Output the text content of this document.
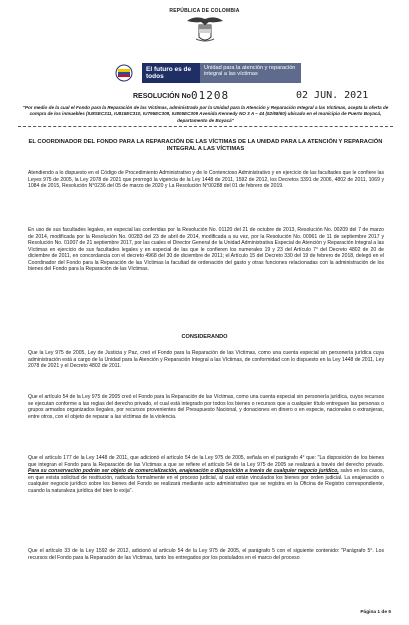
REPÚBLICA DE COLOMBIA
El futuro es de todos
Unidad para la atención y reparación integral a las víctimas
RESOLUCIÓN No 01208	02 JUN. 2021
"Por medio de la cual el Fondo para la Reparación de las Víctimas, administrado por la Unidad para la Atención y Reparación Integral a las Víctimas, acepta la oferta de compra de los inmuebles (IU8SEC311, IU815EC310, IU795EC308, IU805EC309 Avenida Kennedy NO 3 A – 44 (52/68/60) ubicado en el municipio de Puerto Boyacá, departamento de Boyacá"
EL COORDINADOR DEL FONDO PARA LA REPARACIÓN DE LAS VÍCTIMAS DE LA UNIDAD PARA LA ATENCIÓN Y REPARACIÓN INTEGRAL A LAS VÍCTIMAS
Atendiendo a lo dispuesto en el Código de Procedimiento Administrativo y de lo Contencioso Administrativo y en ejercicio de las facultades que le confiere las Leyes 975 de 2005, la Ley 2078 de 2021 que prorrogó la vigencia de la Ley 1448 de 2011, 1592 de 2012, los Decretos 3391 de 2006, 4802 de 2011, 1069 y 1084 de 2015, Resolución N°0236 del 05 de marzo de 2020 y La Resolución N°00288 del 01 de febrero de 2019.
En uso de sus facultades legales, en especial las conferidas por la Resolución No. 01120 del 21 de octubre de 2013, Resolución No. 00209 del 7 de marzo de 2014, modificada por la Resolución No. 00283 del 23 de abril de 2014, modificada a su vez, por la Resolución No. 00961 de 11 de septiembre 2017 y Resolución No. 01007 de 21 septiembre 2017, por las cuales el Director General de la Unidad Administrativa Especial de Atención y Reparación Integral a las Víctimas en ejercicio de sus facultades legales y en especial de las que le confieren los numerales 19 y 23 del Artículo 7° del Decreto 4802 de 20 de diciembre de 2011, en concordancia con el decreto 4968 del 30 de diciembre de 2011; el Artículo 15 del Decreto 330 del 19 de febrero de 2018, delegó en el Coordinador del Fondo para la Reparación de las Víctimas la facultad de ordenación del gasto y otras funciones relacionadas con la administración de los bienes del Fondo para la Reparación de las Víctimas.
CONSIDERANDO
Que la Ley 975 de 2005, Ley de Justicia y Paz, creó el Fondo para la Reparación de las Víctimas, como una cuenta especial sin personería jurídica cuya administración está a cargo de la Unidad para la Atención y Reparación Integral a las Víctimas, de conformidad con lo dispuesto en la Ley 1448 de 2011, Ley 2078 de 2021 y el Decreto 4802 de 2011.
Que el artículo 54 de la Ley 975 de 2005 creó el Fondo para la Reparación de las Víctimas, como una cuenta especial sin personería jurídica, cuyos recursos se ejecutan conforme a las reglas del derecho privado, el cual está integrado por todos los bienes o recursos que a cualquier título entreguen las personas o grupos armados organizados ilegales, por recursos provenientes del Presupuesto Nacional, y donaciones en dinero o en especie, nacionales o extranjeras, entre otros, con el objeto de reparar a las víctimas de la violencia.
Que el artículo 177 de la Ley 1448 de 2011, que adicionó el artículo 54 de la Ley 975 de 2005, señala en el parágrafo 4° que: "La disposición de los bienes que integran el Fondo para la Reparación de las Víctimas a que se refiere el artículo 54 de la Ley 975 de 2005 se realizará a través del derecho privado. Para su conservación podrán ser objeto de comercialización, enajenación o disposición a través de cualquier negocio jurídico, salvo en los casos, en que exista solicitud de restitución, radicada formalmente en el proceso judicial, al cual están vinculados los bienes por orden judicial. La enajenación o cualquier negocio jurídico sobre los bienes del Fondo se realizará mediante acto administrativo que se registra en la Oficina de Registro correspondiente, cuando la naturaleza jurídica del bien lo exija".
Que el artículo 33 de la Ley 1592 de 2012, adicionó al artículo 54 de la Ley 975 de 2005, el parágrafo 5 con el siguiente contenido: "Parágrafo 5°. Los recursos del Fondo para la Reparación de las Víctimas, tanto los entregados por los postulados en el marco del proceso
Página 1 de 5
